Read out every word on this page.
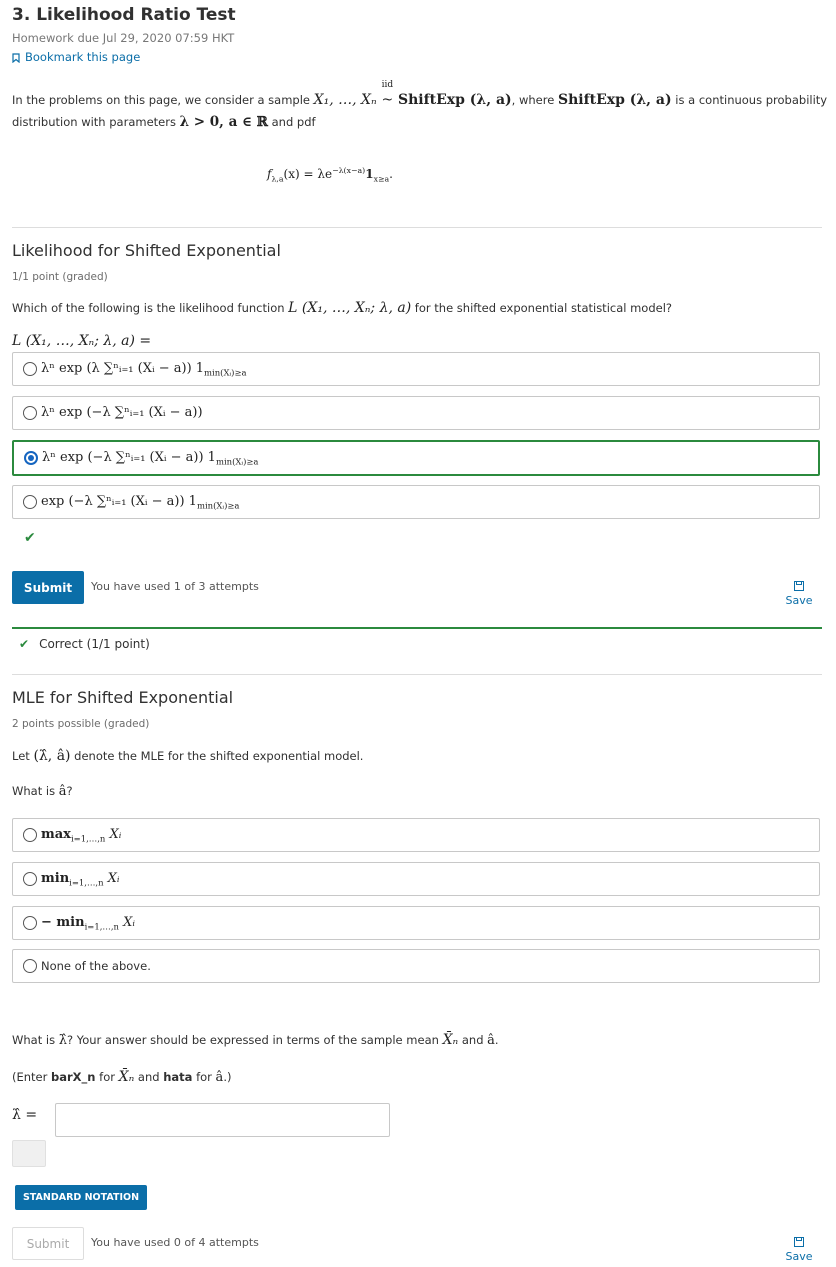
3. Likelihood Ratio Test
Homework due Jul 29, 2020 07:59 HKT
Bookmark this page
In the problems on this page, we consider a sample X₁, …, Xₙ
iid
~ ShiftExp (λ, a), where ShiftExp (λ, a) is a continuous probability
distribution with parameters λ > 0, a ∈ ℝ and pdf
$f_{\lambda,a}(x) = \lambda e^{-\lambda(x-a)}1_{x\ge a}$.
Likelihood for Shifted Exponential
1/1 point (graded)
Which of the following is the likelihood function L (X₁, …, Xₙ; λ, a) for the shifted exponential statistical model?
L (X₁, …, Xₙ; λ, a) =
λⁿ exp (λ ∑ⁿᵢ₌₁ (Xᵢ − a)) $1_{min(Xᵢ)\ge a}$
λⁿ exp (−λ ∑ⁿᵢ₌₁ (Xᵢ − a))
λⁿ exp (−λ ∑ⁿᵢ₌₁ (Xᵢ − a)) $1_{min(Xᵢ)\ge a}$
exp (−λ ∑ⁿᵢ₌₁ (Xᵢ − a)) $1_{min(Xᵢ)\ge a}$
✔
Submit	You have used 1 of 3 attempts
Save
✔ Correct (1/1 point)
MLE for Shifted Exponential
2 points possible (graded)
Let (λ̂, â) denote the MLE for the shifted exponential model.
What is â?
$\max_{i=1,\dots,n}$ Xᵢ
$\min_{i=1,\dots,n}$ Xᵢ
− $\min_{i=1,\dots,n}$ Xᵢ
None of the above.
What is λ̂? Your answer should be expressed in terms of the sample mean X̄ₙ and â.
(Enter barX_n for X̄ₙ and hata for â.)
λ̂ =
STANDARD NOTATION
Submit	You have used 0 of 4 attempts
Save
